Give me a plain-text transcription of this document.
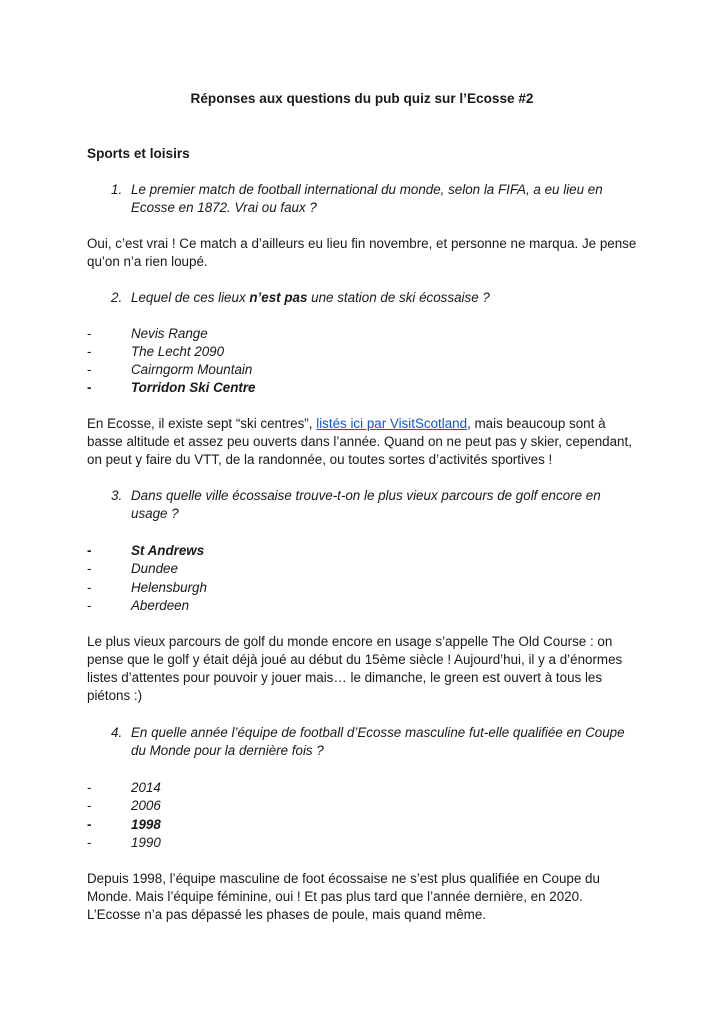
Réponses aux questions du pub quiz sur l’Ecosse #2
Sports et loisirs
1. Le premier match de football international du monde, selon la FIFA, a eu lieu en
Ecosse en 1872. Vrai ou faux ?
Oui, c’est vrai ! Ce match a d’ailleurs eu lieu fin novembre, et personne ne marqua. Je pense
qu’on n’a rien loupé.
2. Lequel de ces lieux n’est pas une station de ski écossaise ?
-	Nevis Range
-	The Lecht 2090
-	Cairngorm Mountain
-	Torridon Ski Centre
En Ecosse, il existe sept “ski centres”, listés ici par VisitScotland, mais beaucoup sont à
basse altitude et assez peu ouverts dans l’année. Quand on ne peut pas y skier, cependant,
on peut y faire du VTT, de la randonnée, ou toutes sortes d’activités sportives !
3. Dans quelle ville écossaise trouve-t-on le plus vieux parcours de golf encore en
usage ?
-	St Andrews
-	Dundee
-	Helensburgh
-	Aberdeen
Le plus vieux parcours de golf du monde encore en usage s’appelle The Old Course : on
pense que le golf y était déjà joué au début du 15ème siècle ! Aujourd’hui, il y a d’énormes
listes d’attentes pour pouvoir y jouer mais… le dimanche, le green est ouvert à tous les
piétons :)
4. En quelle année l’équipe de football d’Ecosse masculine fut-elle qualifiée en Coupe
du Monde pour la dernière fois ?
-	2014
-	2006
-	1998
-	1990
Depuis 1998, l’équipe masculine de foot écossaise ne s’est plus qualifiée en Coupe du
Monde. Mais l’équipe féminine, oui ! Et pas plus tard que l’année dernière, en 2020.
L’Ecosse n’a pas dépassé les phases de poule, mais quand même.
